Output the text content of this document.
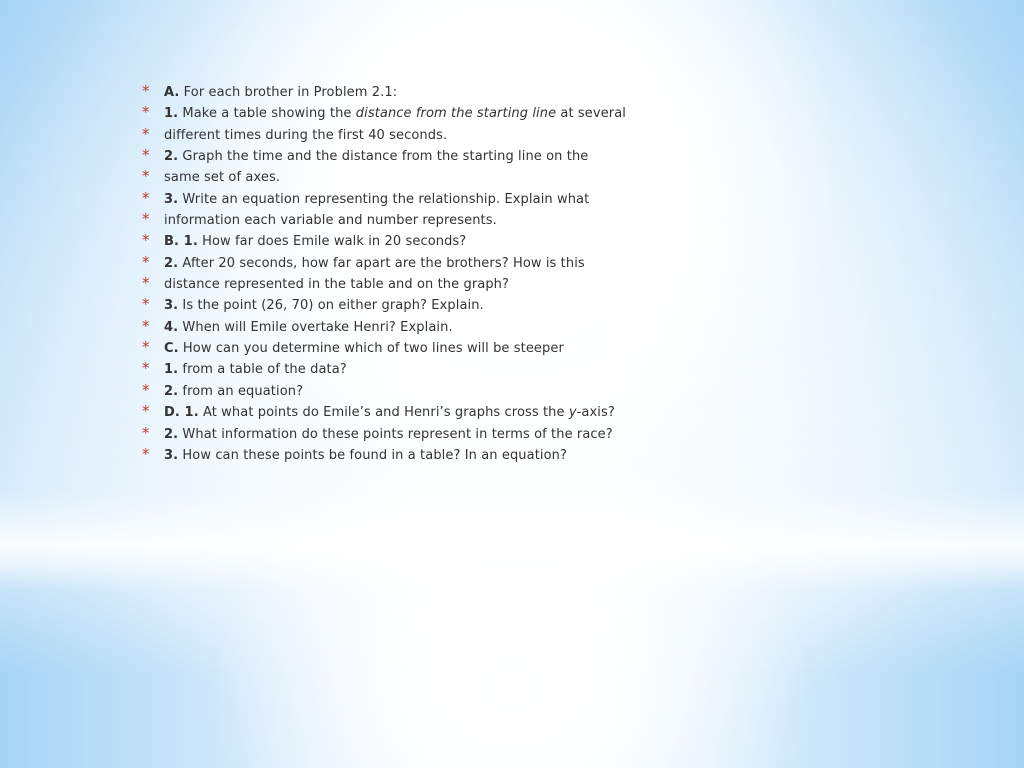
*	A. For each brother in Problem 2.1:
*	1. Make a table showing the distance from the starting line at several
*	different times during the first 40 seconds.
*	2. Graph the time and the distance from the starting line on the
*	same set of axes.
*	3. Write an equation representing the relationship. Explain what
*	information each variable and number represents.
*	B. 1. How far does Emile walk in 20 seconds?
*	2. After 20 seconds, how far apart are the brothers? How is this
*	distance represented in the table and on the graph?
*	3. Is the point (26, 70) on either graph? Explain.
*	4. When will Emile overtake Henri? Explain.
*	C. How can you determine which of two lines will be steeper
*	1. from a table of the data?
*	2. from an equation?
*	D. 1. At what points do Emile’s and Henri’s graphs cross the y-axis?
*	2. What information do these points represent in terms of the race?
*	3. How can these points be found in a table? In an equation?
